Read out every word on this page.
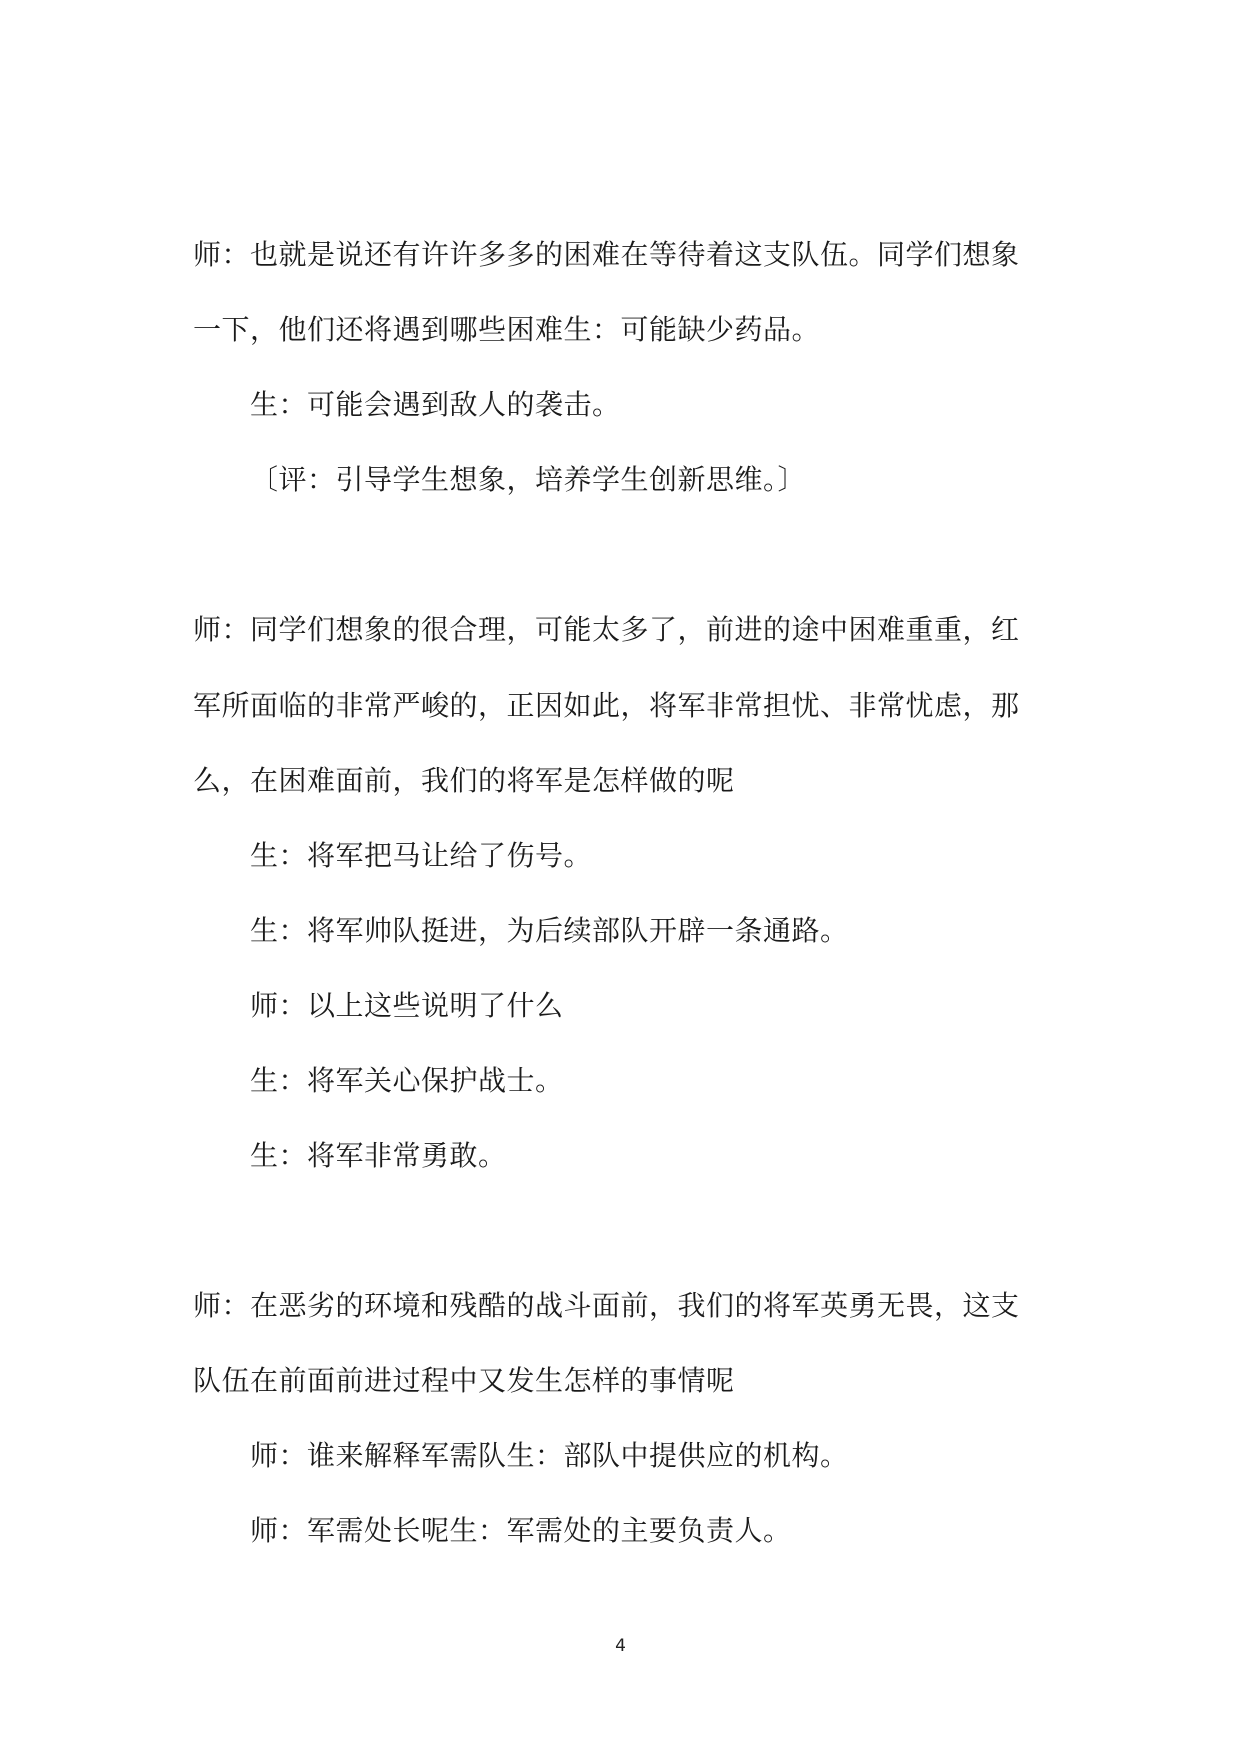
师：也就是说还有许许多多的困难在等待着这支队伍。同学们想象
一下，他们还将遇到哪些困难生：可能缺少药品。
生：可能会遇到敌人的袭击。
〔评：引导学生想象，培养学生创新思维。〕
师：同学们想象的很合理，可能太多了，前进的途中困难重重，红
军所面临的非常严峻的，正因如此，将军非常担忧、非常忧虑，那
么，在困难面前，我们的将军是怎样做的呢
生：将军把马让给了伤号。
生：将军帅队挺进，为后续部队开辟一条通路。
师：以上这些说明了什么
生：将军关心保护战士。
生：将军非常勇敢。
师：在恶劣的环境和残酷的战斗面前，我们的将军英勇无畏，这支
队伍在前面前进过程中又发生怎样的事情呢
师：谁来解释军需队生：部队中提供应的机构。
师：军需处长呢生：军需处的主要负责人。
4
